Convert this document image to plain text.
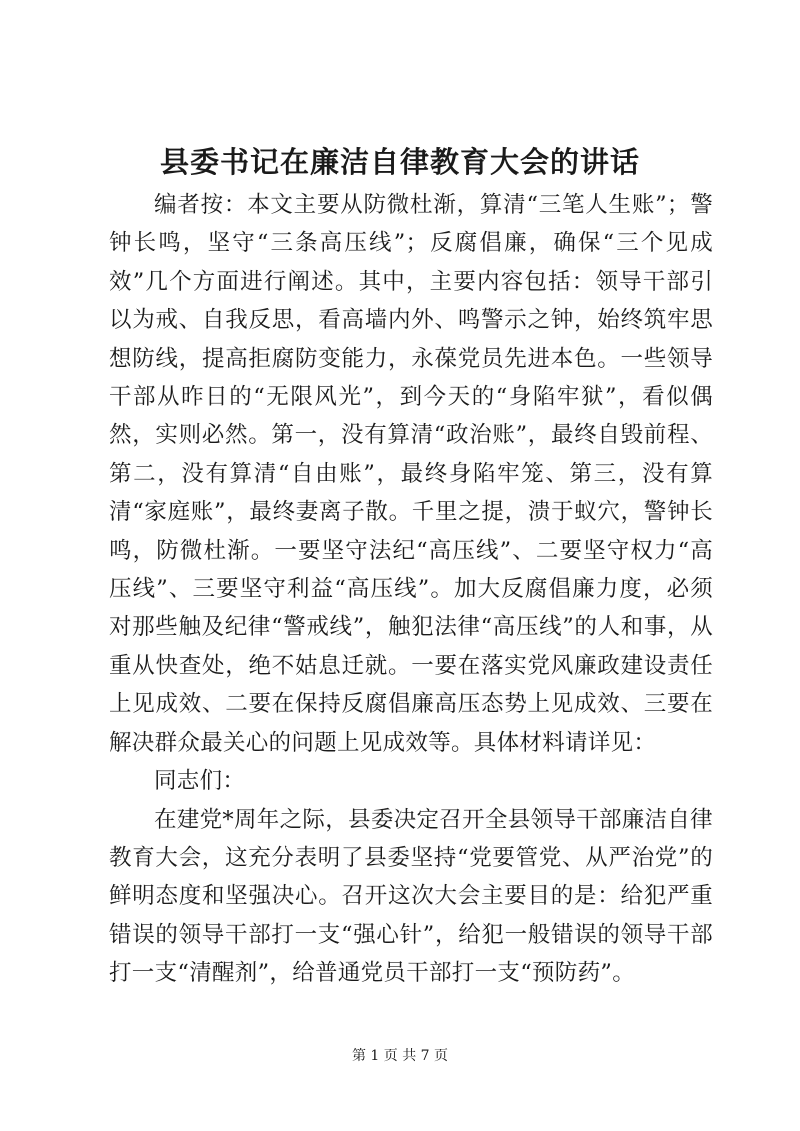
县委书记在廉洁自律教育大会的讲话

编者按：本文主要从防微杜渐，算清“三笔人生账”；警钟长鸣，坚守“三条高压线”；反腐倡廉，确保“三个见成效”几个方面进行阐述。其中，主要内容包括：领导干部引以为戒、自我反思，看高墙内外、鸣警示之钟，始终筑牢思想防线，提高拒腐防变能力，永葆党员先进本色。一些领导干部从昨日的“无限风光”，到今天的“身陷牢狱”，看似偶然，实则必然。第一，没有算清“政治账”，最终自毁前程、第二，没有算清“自由账”，最终身陷牢笼、第三，没有算清“家庭账”，最终妻离子散。千里之提，溃于蚁穴，警钟长鸣，防微杜渐。一要坚守法纪“高压线”、二要坚守权力“高压线”、三要坚守利益“高压线”。加大反腐倡廉力度，必须对那些触及纪律“警戒线”，触犯法律“高压线”的人和事，从重从快查处，绝不姑息迁就。一要在落实党风廉政建设责任上见成效、二要在保持反腐倡廉高压态势上见成效、三要在解决群众最关心的问题上见成效等。具体材料请详见：

同志们：

在建党*周年之际，县委决定召开全县领导干部廉洁自律教育大会，这充分表明了县委坚持“党要管党、从严治党”的鲜明态度和坚强决心。召开这次大会主要目的是：给犯严重错误的领导干部打一支“强心针”，给犯一般错误的领导干部打一支“清醒剂”，给普通党员干部打一支“预防药”。

第 1 页 共 7 页
